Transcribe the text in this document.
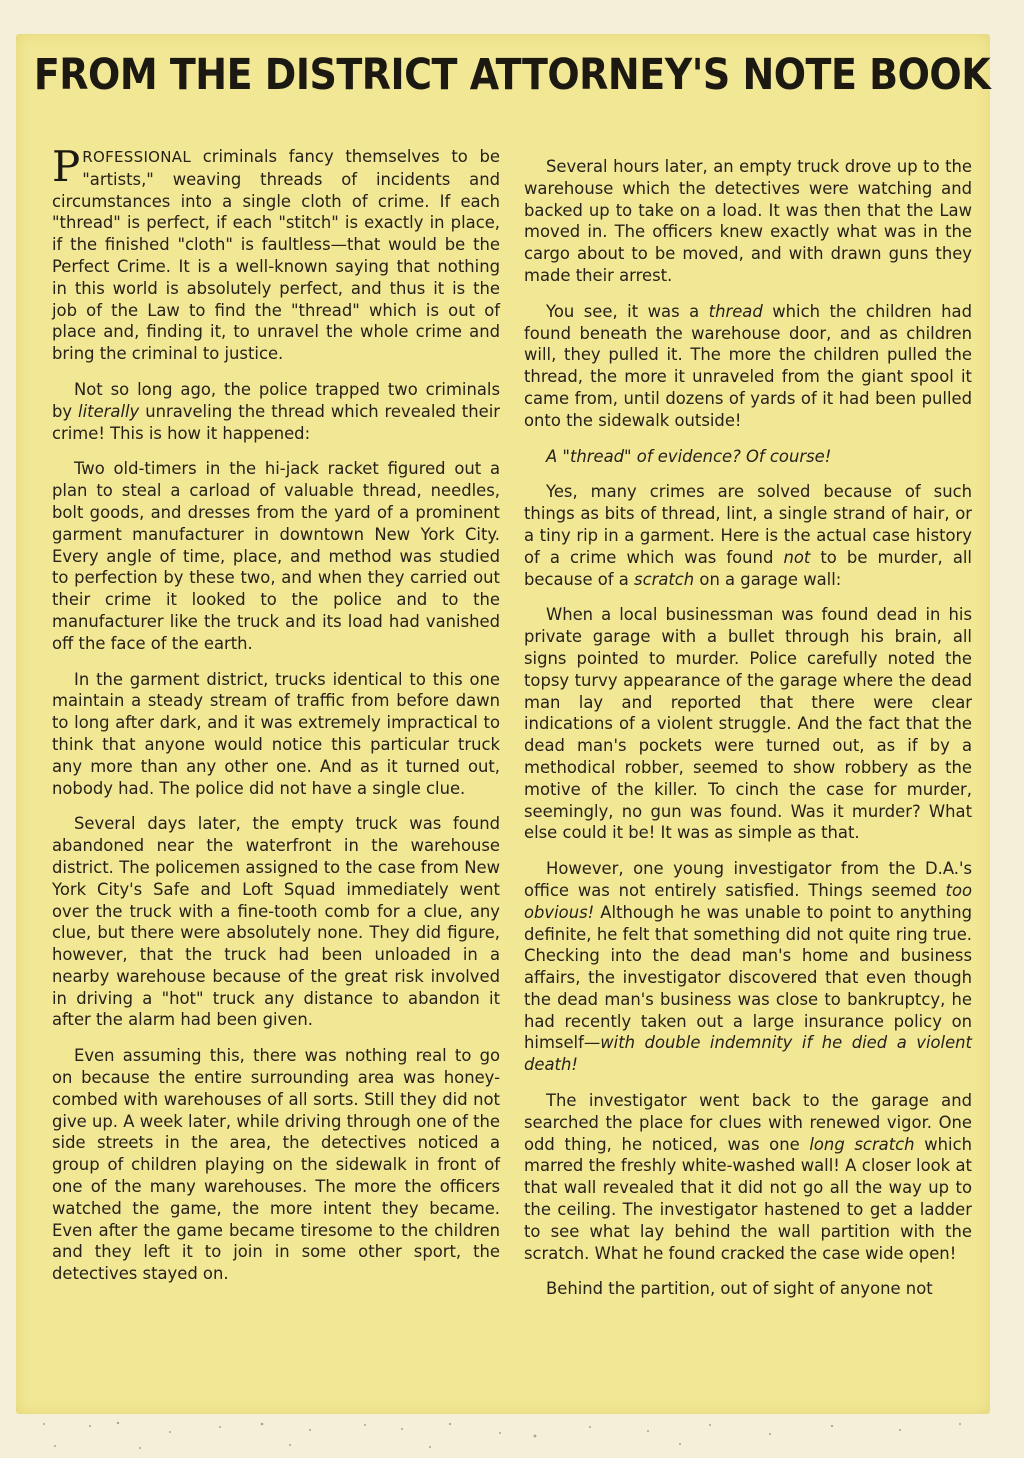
FROM THE DISTRICT ATTORNEY'S NOTE BOOK

PROFESSIONAL criminals fancy themselves to be "artists," weaving threads of incidents and circumstances into a single cloth of crime. If each "thread" is perfect, if each "stitch" is exactly in place, if the finished "cloth" is faultless—that would be the Perfect Crime. It is a well-known saying that nothing in this world is absolutely perfect, and thus it is the job of the Law to find the "thread" which is out of place and, finding it, to unravel the whole crime and bring the criminal to justice.

Not so long ago, the police trapped two criminals by literally unraveling the thread which revealed their crime! This is how it happened:

Two old-timers in the hi-jack racket figured out a plan to steal a carload of valuable thread, needles, bolt goods, and dresses from the yard of a prominent garment manufacturer in downtown New York City. Every angle of time, place, and method was studied to perfection by these two, and when they carried out their crime it looked to the police and to the manufacturer like the truck and its load had vanished off the face of the earth.

In the garment district, trucks identical to this one maintain a steady stream of traffic from before dawn to long after dark, and it was extremely impractical to think that anyone would notice this particular truck any more than any other one. And as it turned out, nobody had. The police did not have a single clue.

Several days later, the empty truck was found abandoned near the waterfront in the warehouse district. The policemen assigned to the case from New York City's Safe and Loft Squad immediately went over the truck with a fine-tooth comb for a clue, any clue, but there were absolutely none. They did figure, however, that the truck had been unloaded in a nearby warehouse because of the great risk involved in driving a "hot" truck any distance to abandon it after the alarm had been given.

Even assuming this, there was nothing real to go on because the entire surrounding area was honey-combed with warehouses of all sorts. Still they did not give up. A week later, while driving through one of the side streets in the area, the detectives noticed a group of children playing on the sidewalk in front of one of the many warehouses. The more the officers watched the game, the more intent they became. Even after the game became tiresome to the children and they left it to join in some other sport, the detectives stayed on.

Several hours later, an empty truck drove up to the warehouse which the detectives were watching and backed up to take on a load. It was then that the Law moved in. The officers knew exactly what was in the cargo about to be moved, and with drawn guns they made their arrest.

You see, it was a thread which the children had found beneath the warehouse door, and as children will, they pulled it. The more the children pulled the thread, the more it unraveled from the giant spool it came from, until dozens of yards of it had been pulled onto the sidewalk outside!

A "thread" of evidence? Of course!

Yes, many crimes are solved because of such things as bits of thread, lint, a single strand of hair, or a tiny rip in a garment. Here is the actual case history of a crime which was found not to be murder, all because of a scratch on a garage wall:

When a local businessman was found dead in his private garage with a bullet through his brain, all signs pointed to murder. Police carefully noted the topsy turvy appearance of the garage where the dead man lay and reported that there were clear indications of a violent struggle. And the fact that the dead man's pockets were turned out, as if by a methodical robber, seemed to show robbery as the motive of the killer. To cinch the case for murder, seemingly, no gun was found. Was it murder? What else could it be! It was as simple as that.

However, one young investigator from the D.A.'s office was not entirely satisfied. Things seemed too obvious! Although he was unable to point to anything definite, he felt that something did not quite ring true. Checking into the dead man's home and business affairs, the investigator discovered that even though the dead man's business was close to bankruptcy, he had recently taken out a large insurance policy on himself—with double indemnity if he died a violent death!

The investigator went back to the garage and searched the place for clues with renewed vigor. One odd thing, he noticed, was one long scratch which marred the freshly white-washed wall! A closer look at that wall revealed that it did not go all the way up to the ceiling. The investigator hastened to get a ladder to see what lay behind the wall partition with the scratch. What he found cracked the case wide open!

Behind the partition, out of sight of anyone not
